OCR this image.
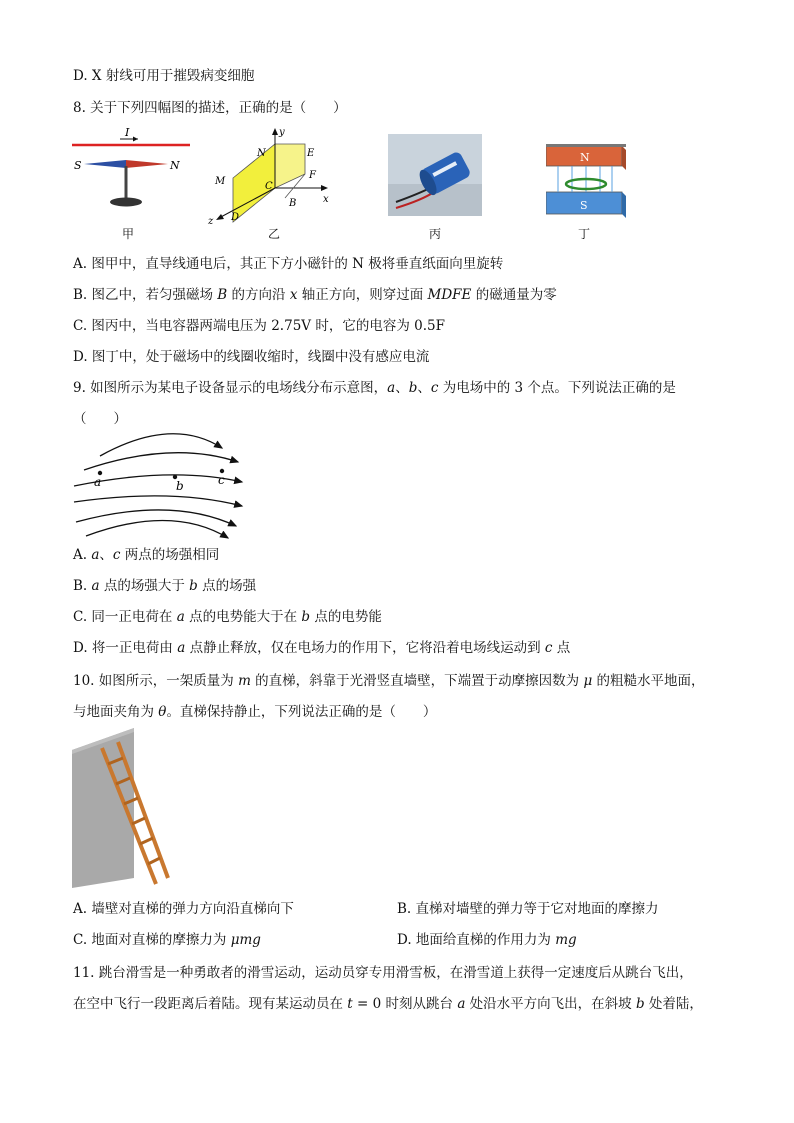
D. X 射线可用于摧毁病变细胞
8. 关于下列四幅图的描述，正确的是（　　）
I
S	N
甲
y
x
z
N	E
M	C
F
D
B
乙	丙
N
S
丁
A. 图甲中，直导线通电后，其正下方小磁针的 N 极将垂直纸面向里旋转
B. 图乙中，若匀强磁场 B 的方向沿 x 轴正方向，则穿过面 MDFE 的磁通量为零
C. 图丙中，当电容器两端电压为 2.75V 时，它的电容为 0.5F
D. 图丁中，处于磁场中的线圈收缩时，线圈中没有感应电流
9. 如图所示为某电子设备显示的电场线分布示意图，a、b、c 为电场中的 3 个点。下列说法正确的是
（　　）
a	b	c
A. a、c 两点的场强相同
B. a 点的场强大于 b 点的场强
C. 同一正电荷在 a 点的电势能大于在 b 点的电势能
D. 将一正电荷由 a 点静止释放，仅在电场力的作用下，它将沿着电场线运动到 c 点
10. 如图所示，一架质量为 m 的直梯，斜靠于光滑竖直墙壁，下端置于动摩擦因数为 μ 的粗糙水平地面，
与地面夹角为 θ。直梯保持静止，下列说法正确的是（　　）
A. 墙壁对直梯的弹力方向沿直梯向下	B. 直梯对墙壁的弹力等于它对地面的摩擦力
C. 地面对直梯的摩擦力为 μmg	D. 地面给直梯的作用力为 mg
11. 跳台滑雪是一种勇敢者的滑雪运动，运动员穿专用滑雪板，在滑雪道上获得一定速度后从跳台飞出，
在空中飞行一段距离后着陆。现有某运动员在 t = 0 时刻从跳台 a 处沿水平方向飞出，在斜坡 b 处着陆，
